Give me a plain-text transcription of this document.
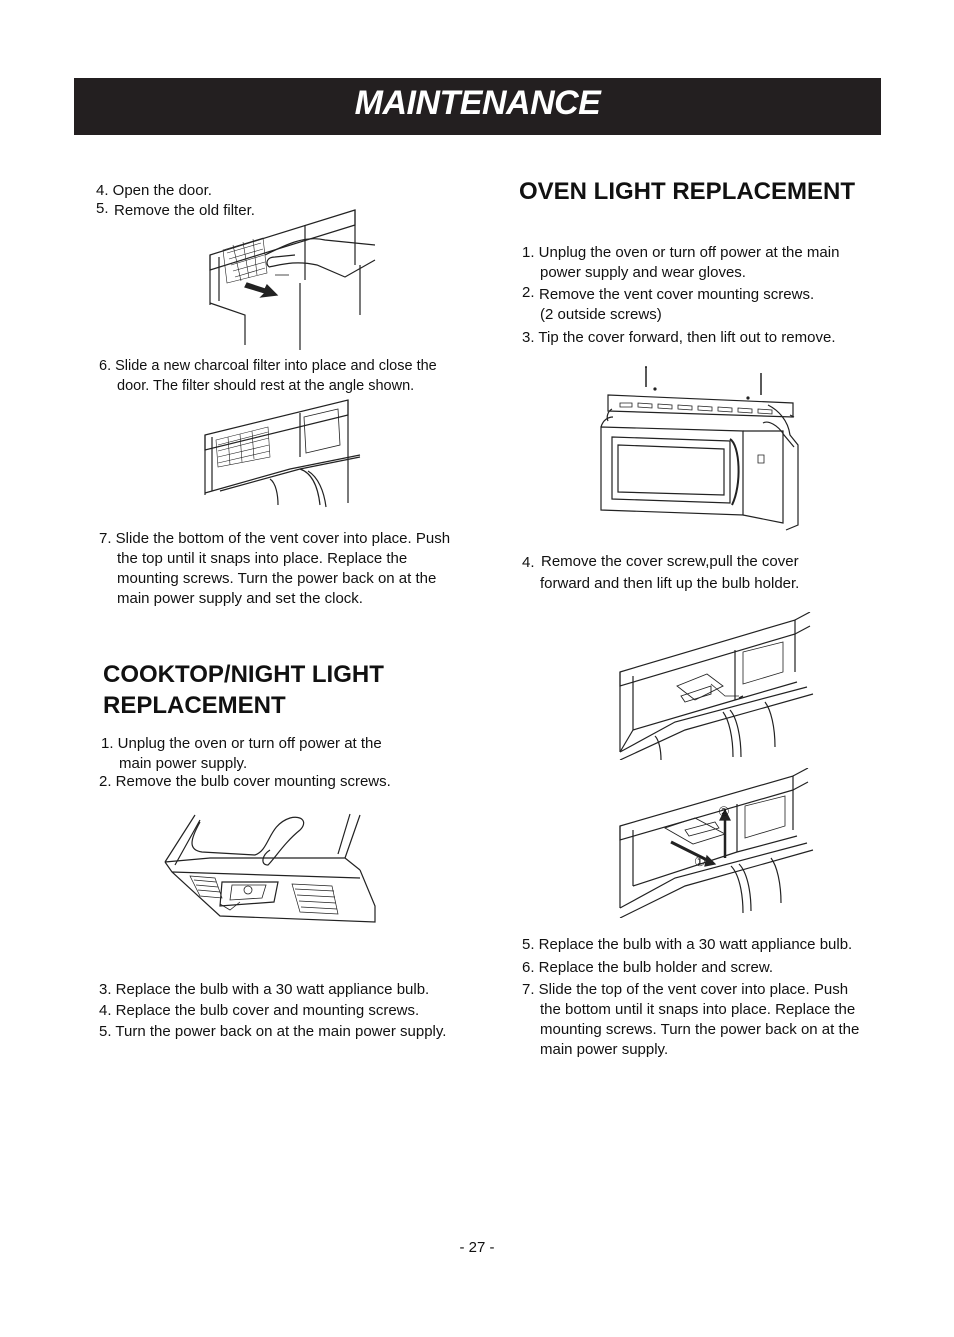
MAINTENANCE
4. Open the door.
5. Remove the old filter.
6. Slide a new charcoal filter into place and close the
door. The filter should rest at the angle shown.
7. Slide the bottom of the vent cover into place. Push
the top until it snaps into place. Replace the
mounting screws. Turn the power back on at the
main power supply and set the clock.
COOKTOP/NIGHT LIGHT
REPLACEMENT
1. Unplug the oven or turn off power at the
main power supply.
2. Remove the bulb cover mounting screws.
3. Replace the bulb with a 30 watt appliance bulb.
4. Replace the bulb cover and mounting screws.
5. Turn the power back on at the main power supply.
OVEN LIGHT REPLACEMENT
1. Unplug the oven or turn off power at the main
power supply and wear gloves.
2. Remove the vent cover mounting screws.
(2 outside screws)
3. Tip the cover forward, then lift out to remove.
4. Remove the cover screw,pull the cover
forward and then lift up the bulb holder.
②
①
5. Replace the bulb with a 30 watt appliance bulb.
6. Replace the bulb holder and screw.
7. Slide the top of the vent cover into place. Push
the bottom until it snaps into place. Replace the
mounting screws. Turn the power back on at the
main power supply.
- 27 -
